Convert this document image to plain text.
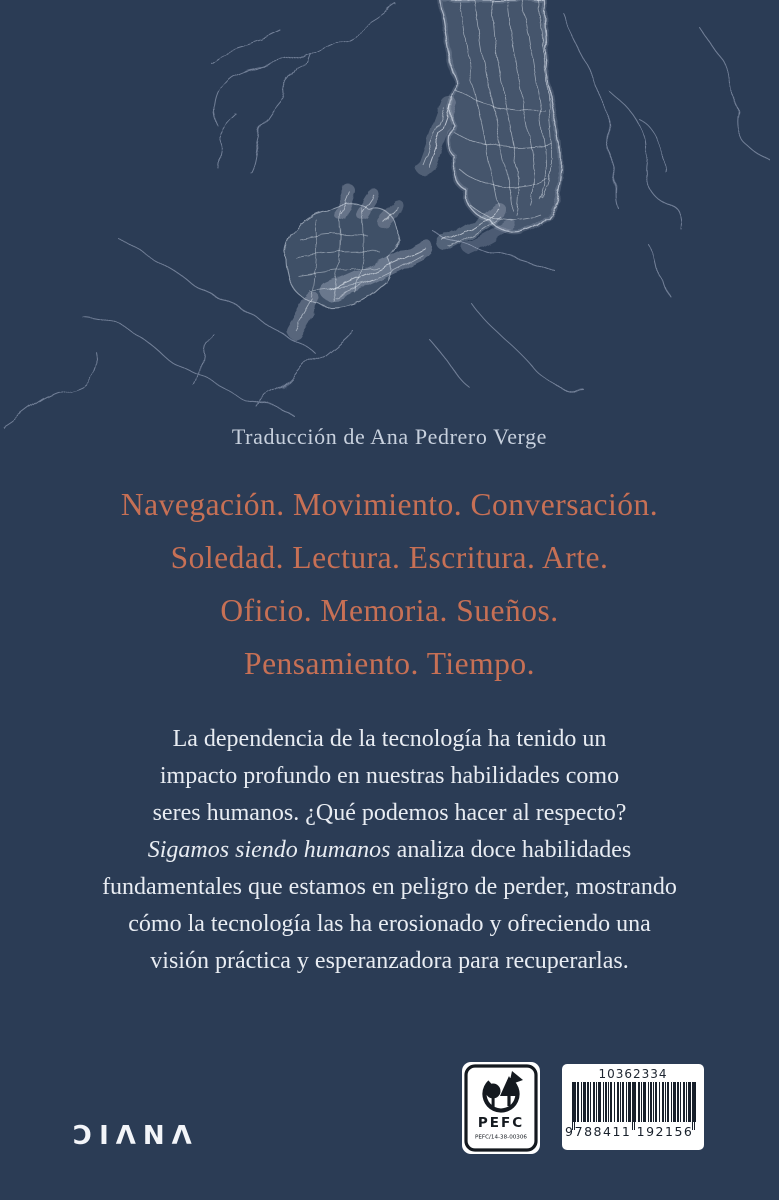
Traducción de Ana Pedrero Verge
Navegación. Movimiento. Conversación.
Soledad. Lectura. Escritura. Arte.
Oficio. Memoria. Sueños.
Pensamiento. Tiempo.
La dependencia de la tecnología ha tenido un
impacto profundo en nuestras habilidades como
seres humanos. ¿Qué podemos hacer al respecto?
Sigamos siendo humanos analiza doce habilidades
fundamentales que estamos en peligro de perder, mostrando
cómo la tecnología las ha erosionado y ofreciendo una
visión práctica y esperanzadora para recuperarlas.
ƆIΛNΛ	PEFC
PEFC/14-38-00306
10362334
9 788411 192156
